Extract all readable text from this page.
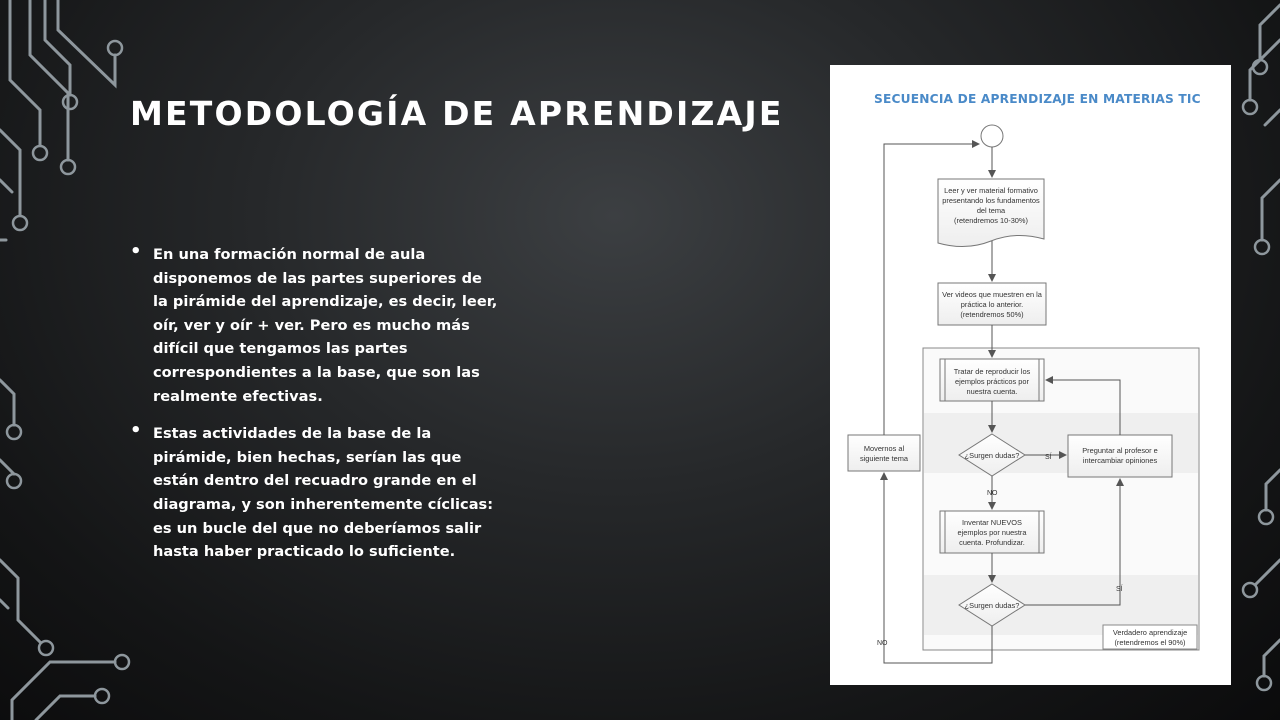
METODOLOGÍA DE APRENDIZAJE
• En una formación normal de aula disponemos de las partes superiores de la pirámide del aprendizaje, es decir, leer, oír, ver y oír + ver. Pero es mucho más difícil que tengamos las partes correspondientes a la base, que son las realmente efectivas.
• Estas actividades de la base de la pirámide, bien hechas, serían las que están dentro del recuadro grande en el diagrama, y son inherentemente cíclicas: es un bucle del que no deberíamos salir hasta haber practicado lo suficiente.
SECUENCIA DE APRENDIZAJE EN MATERIAS TIC
Leer y ver material formativo
presentando los fundamentos
del tema
(retendremos 10-30%)
Ver videos que muestren en la
práctica lo anterior.
(retendremos 50%)
Tratar de reproducir los
ejemplos prácticos por
nuestra cuenta.
¿Surgen dudas?
Preguntar al profesor e
intercambiar opiniones
Inventar NUEVOS
ejemplos por nuestra
cuenta. Profundizar.
¿Surgen dudas?
Movernos al
siguiente tema
Verdadero aprendizaje
(retendremos el 90%)
SÍ
NO
SÍ
NO
